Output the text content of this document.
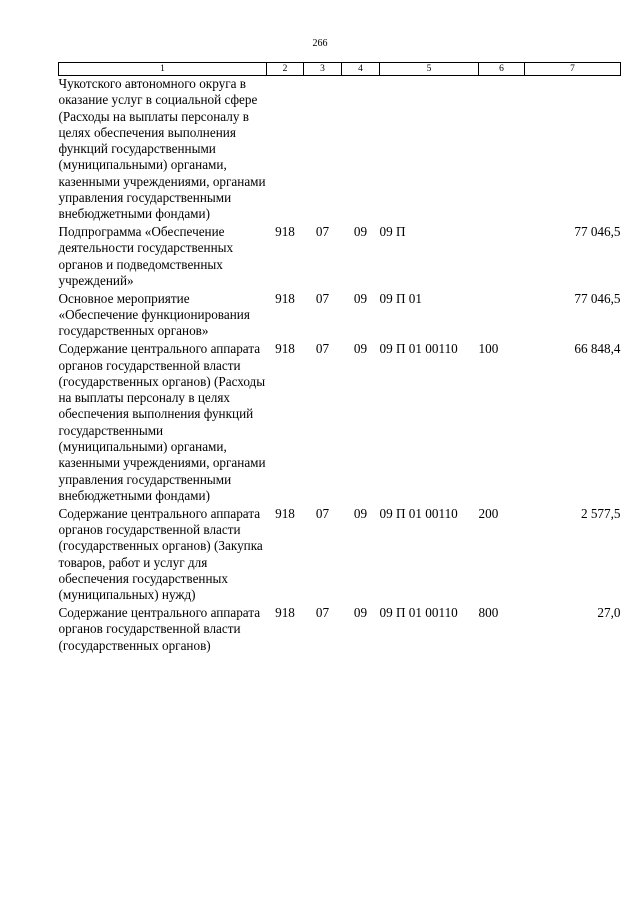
266
1	2	3	4	5	6	7
Чукотского автономного округа в оказание услуг в социальной сфере (Расходы на выплаты персоналу в целях обеспечения выполнения функций государственными (муниципальными) органами, казенными учреждениями, органами управления государственными внебюджетными фондами)						
Подпрограмма «Обеспечение деятельности государственных органов и подведомственных учреждений»	918	07	09	09 П		77 046,5
Основное мероприятие «Обеспечение функционирования государственных органов»	918	07	09	09 П 01		77 046,5
Содержание центрального аппарата органов государственной власти (государственных органов) (Расходы на выплаты персоналу в целях обеспечения выполнения функций государственными (муниципальными) органами, казенными учреждениями, органами управления государственными внебюджетными фондами)	918	07	09	09 П 01 00110	100	66 848,4
Содержание центрального аппарата органов государственной власти (государственных органов) (Закупка товаров, работ и услуг для обеспечения государственных (муниципальных) нужд)	918	07	09	09 П 01 00110	200	2 577,5
Содержание центрального аппарата органов государственной власти (государственных органов)	918	07	09	09 П 01 00110	800	27,0
